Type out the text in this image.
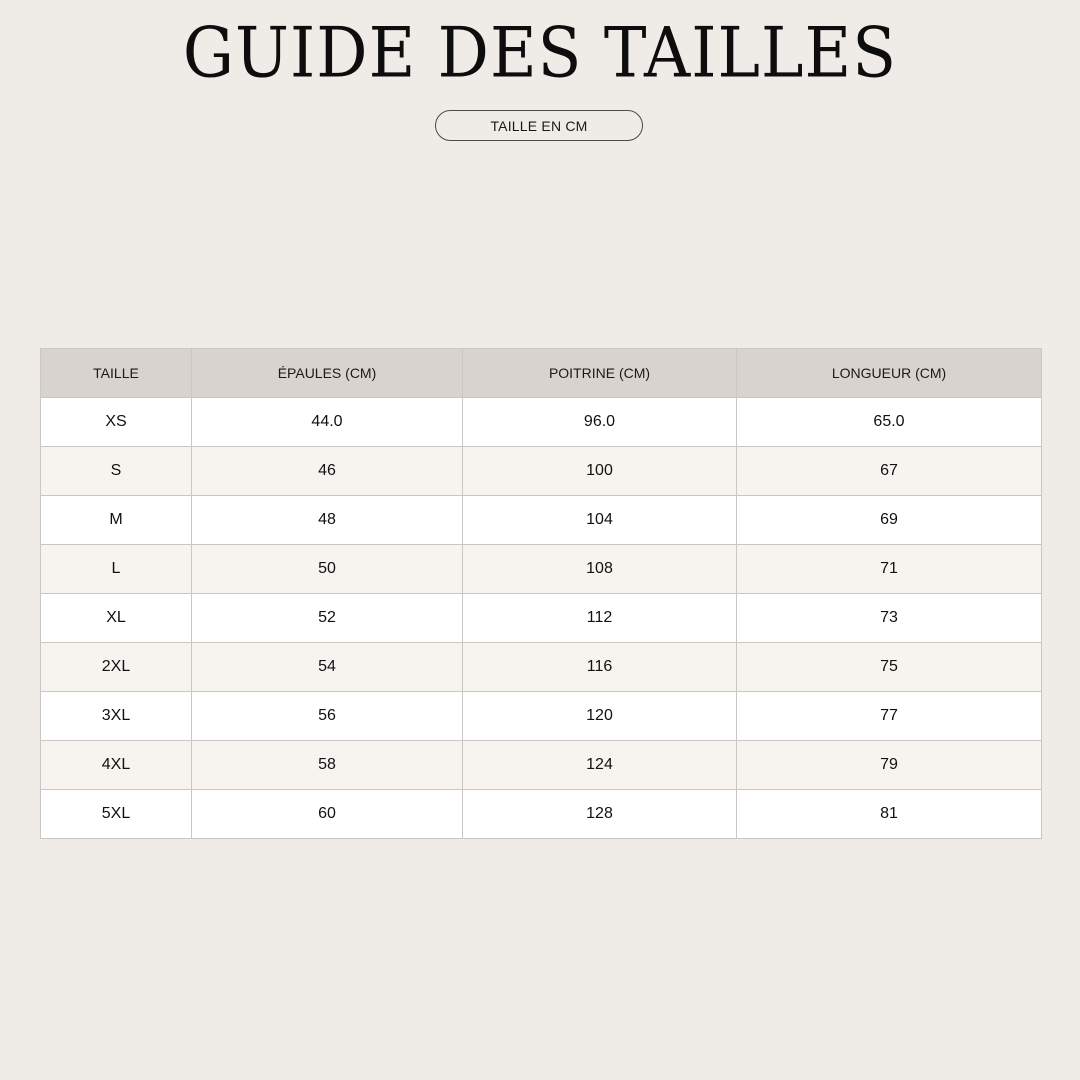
GUIDE DES TAILLES
TAILLE EN CM
TAILLE	ÉPAULES (CM)	POITRINE (CM)	LONGUEUR (CM)
XS	44.0	96.0	65.0
S	46	100	67
M	48	104	69
L	50	108	71
XL	52	112	73
2XL	54	116	75
3XL	56	120	77
4XL	58	124	79
5XL	60	128	81
